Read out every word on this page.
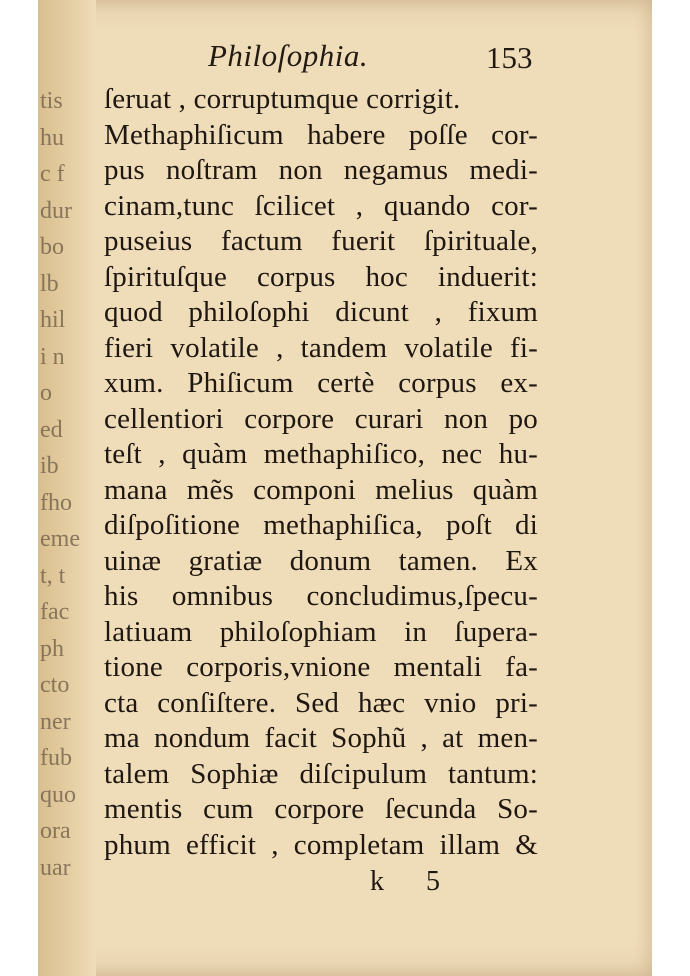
tis
hu
c f
dur
bo
lb
hil
i n
o
ed
ib
fho
eme
t, t
fac
ph
cto
ner
fub
quo
ora
uar
Philoſophia.	153
ſeruat , corruptumque corrigit.
Methaphiſicum habere poſſe cor-
pus noſtram non negamus medi-
cinam,tunc ſcilicet , quando cor-
puseius factum fuerit ſpirituale,
ſpirituſque corpus hoc induerit:
quod philoſophi dicunt , fixum
fieri volatile , tandem volatile fi-
xum. Phiſicum certè corpus ex-
cellentiori corpore curari non po
teſt , quàm methaphiſico, nec hu-
mana mẽs componi melius quàm
diſpoſitione methaphiſica, poſt di
uinæ gratiæ donum tamen. Ex
his omnibus concludimus,ſpecu-
latiuam philoſophiam in ſupera-
tione corporis,vnione mentali fa-
cta conſiſtere. Sed hæc vnio pri-
ma nondum facit Sophũ , at men-
talem Sophiæ diſcipulum tantum:
mentis cum corpore ſecunda So-
phum efficit , completam illam &
k 5
